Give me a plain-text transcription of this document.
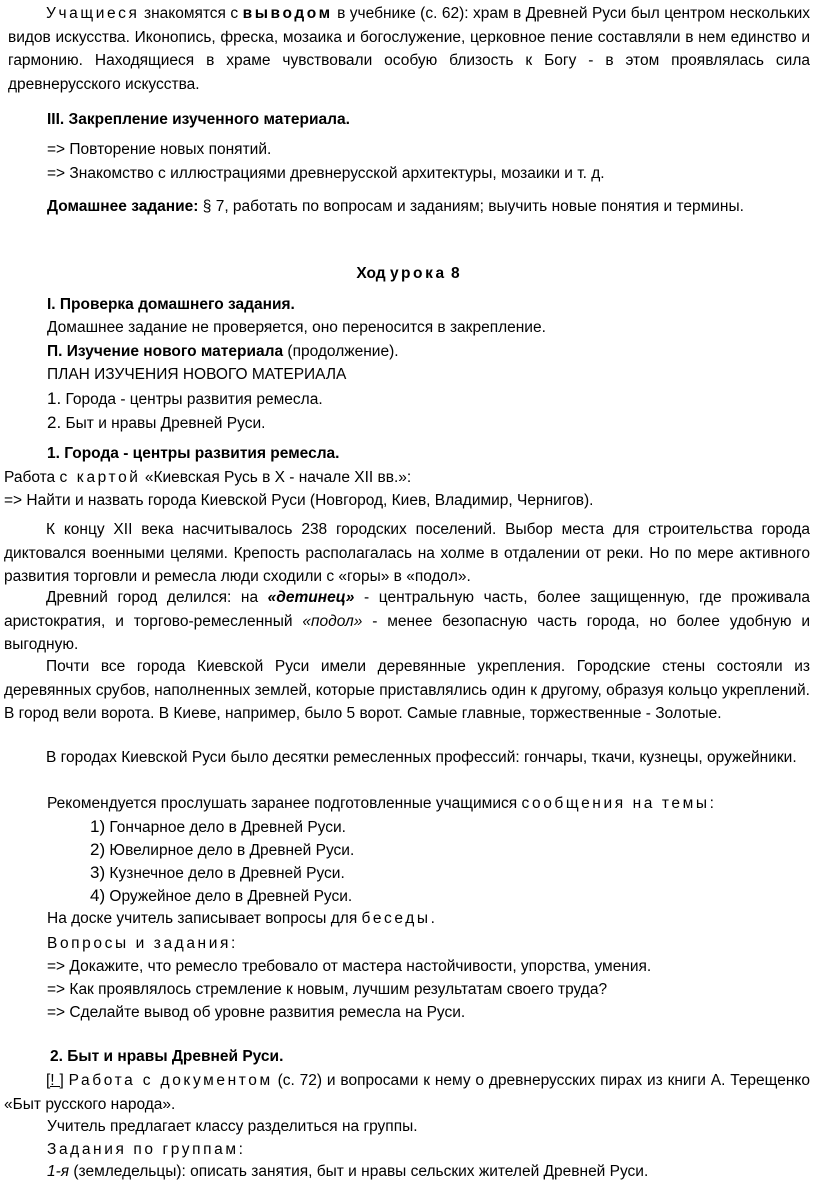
Учащиеся знакомятся с выводом в учебнике (с. 62): храм в Древней Руси был центром нескольких видов искусства. Иконопись, фреска, мозаика и богослужение, церковное пение составляли в нем единство и гармонию. Находящиеся в храме чувствовали особую близость к Богу - в этом проявлялась сила древнерусского искусства.

III. Закрепление изученного материала.

=> Повторение новых понятий.

=> Знакомство с иллюстрациями древнерусской архитектуры, мозаики и т. д.

Домашнее задание: § 7, работать по вопросам и заданиям; выучить новые понятия и термины.

Ход урока 8

I. Проверка домашнего задания.

Домашнее задание не проверяется, оно переносится в закрепление.

П. Изучение нового материала (продолжение).

ПЛАН ИЗУЧЕНИЯ НОВОГО МАТЕРИАЛА

1. Города - центры развития ремесла.

2. Быт и нравы Древней Руси.

1. Города - центры развития ремесла.

Работа с картой «Киевская Русь в X - начале XII вв.»:

=> Найти и назвать города Киевской Руси (Новгород, Киев, Владимир, Чернигов).

К концу XII века насчитывалось 238 городских поселений. Выбор места для строительства города диктовался военными целями. Крепость располагалась на холме в отдалении от реки. Но по мере активного развития торговли и ремесла люди сходили с «горы» в «подол».

Древний город делился: на «детинец» - центральную часть, более защищенную, где проживала аристократия, и торгово-ремесленный «подол» - менее безопасную часть города, но более удобную и выгодную.

Почти все города Киевской Руси имели деревянные укрепления. Городские стены состояли из деревянных срубов, наполненных землей, которые приставлялись один к другому, образуя кольцо укреплений. В город вели ворота. В Киеве, например, было 5 ворот. Самые главные, торжественные - Золотые.

В городах Киевской Руси было десятки ремесленных профессий: гончары, ткачи, кузнецы, оружейники.

Рекомендуется прослушать заранее подготовленные учащимися сообщения на темы:

1) Гончарное дело в Древней Руси.

2) Ювелирное дело в Древней Руси.

3) Кузнечное дело в Древней Руси.

4) Оружейное дело в Древней Руси.

На доске учитель записывает вопросы для беседы.

Вопросы и задания:

=> Докажите, что ремесло требовало от мастера настойчивости, упорства, умения.

=> Как проявлялось стремление к новым, лучшим результатам своего труда?

=> Сделайте вывод об уровне развития ремесла на Руси.

2. Быт и нравы Древней Руси.

[! ] Работа с документом (с. 72) и вопросами к нему о древнерусских пирах из книги А. Терещенко «Быт русского народа».

Учитель предлагает классу разделиться на группы.

Задания по группам:

1-я (земледельцы): описать занятия, быт и нравы сельских жителей Древней Руси.
